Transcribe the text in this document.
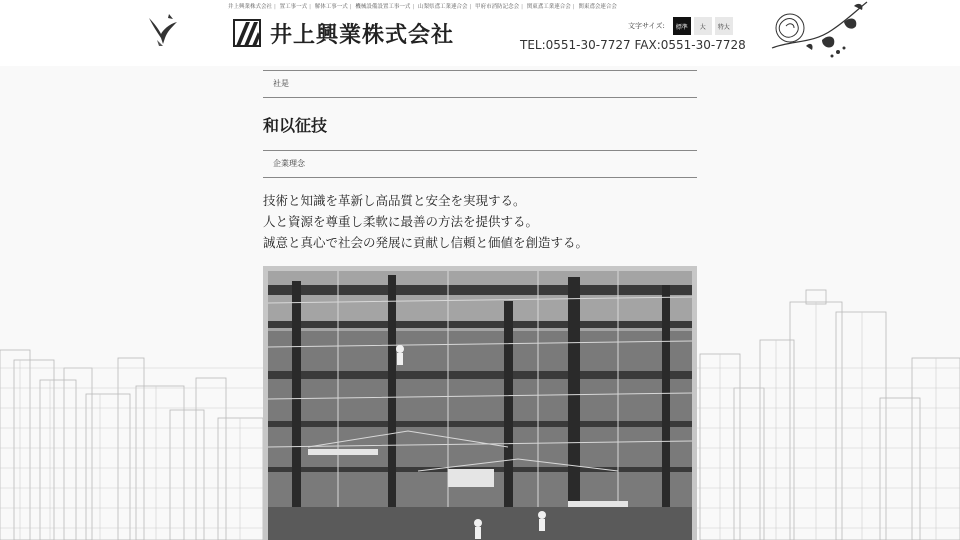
井上興業株式会社 | 置工事一式 | 解体工事一式 | 機械設備設置工事一式 | 山梨県鳶工業連合会 | 甲府市消防記念会 | 関東鳶工業連合会 | 関東鳶会連合会
井上興業株式会社	文字サイズ:	標準	大	特大
TEL:0551-30-7727 FAX:0551-30-7728
社是
和以征技
企業理念
技術と知識を革新し高品質と安全を実現する。
人と資源を尊重し柔軟に最善の方法を提供する。
誠意と真心で社会の発展に貢献し信頼と価値を創造する。
